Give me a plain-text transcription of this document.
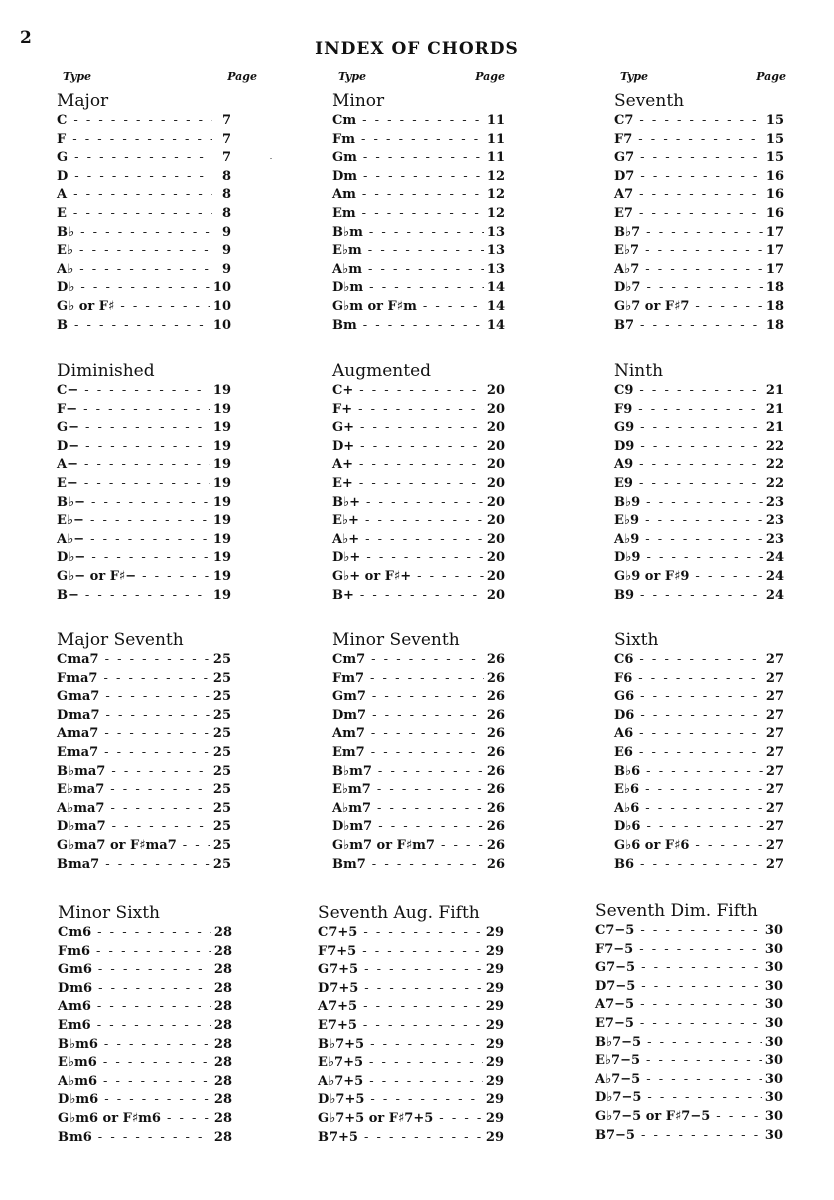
2
INDEX OF CHORDS
Type	Page	Type	Page	Type	Page
Major
C - - -	7
F - - -	7
G - - -	7
D - - -	8
A - - -	8
E - - -	8
B♭ - - -	9
E♭ - - -	9
A♭ - - -	9
D♭ - - -	10
G♭ or F♯ - - -	10
B - - -	10
Minor
Cm - - -	11
Fm - - -	11
Gm - - -	11
Dm - - -	12
Am - - -	12
Em - - -	12
B♭m - - -	13
E♭m - - -	13
A♭m - - -	13
D♭m - - -	14
G♭m or F♯m - - -	14
Bm - - -	14
Seventh
C7 - - -	15
F7 - - -	15
G7 - - -	15
D7 - - -	16
A7 - - -	16
E7 - - -	16
B♭7 - - -	17
E♭7 - - -	17
A♭7 - - -	17
D♭7 - - -	18
G♭7 or F♯7 - - -	18
B7 - - -	18
Diminished
C− - - -	19
F− - - -	19
G− - - -	19
D− - - -	19
A− - - -	19
E− - - -	19
B♭− - - -	19
E♭− - - -	19
A♭− - - -	19
D♭− - - -	19
G♭− or F♯− - - -	19
B− - - -	19
Augmented
C+ - - -	20
F+ - - -	20
G+ - - -	20
D+ - - -	20
A+ - - -	20
E+ - - -	20
B♭+ - - -	20
E♭+ - - -	20
A♭+ - - -	20
D♭+ - - -	20
G♭+ or F♯+ - - -	20
B+ - - -	20
Ninth
C9 - - -	21
F9 - - -	21
G9 - - -	21
D9 - - -	22
A9 - - -	22
E9 - - -	22
B♭9 - - -	23
E♭9 - - -	23
A♭9 - - -	23
D♭9 - - -	24
G♭9 or F♯9 - - -	24
B9 - - -	24
Major Seventh
Cma7 - - -	25
Fma7 - - -	25
Gma7 - - -	25
Dma7 - - -	25
Ama7 - - -	25
Ema7 - - -	25
B♭ma7 - - -	25
E♭ma7 - - -	25
A♭ma7 - - -	25
D♭ma7 - - -	25
G♭ma7 or F♯ma7 - - -	25
Bma7 - - -	25
Minor Seventh
Cm7 - - -	26
Fm7 - - -	26
Gm7 - - -	26
Dm7 - - -	26
Am7 - - -	26
Em7 - - -	26
B♭m7 - - -	26
E♭m7 - - -	26
A♭m7 - - -	26
D♭m7 - - -	26
G♭m7 or F♯m7 - - -	26
Bm7 - - -	26
Sixth
C6 - - -	27
F6 - - -	27
G6 - - -	27
D6 - - -	27
A6 - - -	27
E6 - - -	27
B♭6 - - -	27
E♭6 - - -	27
A♭6 - - -	27
D♭6 - - -	27
G♭6 or F♯6 - - -	27
B6 - - -	27
Minor Sixth
Cm6 - - -	28
Fm6 - - -	28
Gm6 - - -	28
Dm6 - - -	28
Am6 - - -	28
Em6 - - -	28
B♭m6 - - -	28
E♭m6 - - -	28
A♭m6 - - -	28
D♭m6 - - -	28
G♭m6 or F♯m6 - - -	28
Bm6 - - -	28
Seventh Aug. Fifth
C7+5 - - -	29
F7+5 - - -	29
G7+5 - - -	29
D7+5 - - -	29
A7+5 - - -	29
E7+5 - - -	29
B♭7+5 - - -	29
E♭7+5 - - -	29
A♭7+5 - - -	29
D♭7+5 - - -	29
G♭7+5 or F♯7+5 - - -	29
B7+5 - - -	29
Seventh Dim. Fifth
C7−5 - - -	30
F7−5 - - -	30
G7−5 - - -	30
D7−5 - - -	30
A7−5 - - -	30
E7−5 - - -	30
B♭7−5 - - -	30
E♭7−5 - - -	30
A♭7−5 - - -	30
D♭7−5 - - -	30
G♭7−5 or F♯7−5 - - -	30
B7−5 - - -	30
